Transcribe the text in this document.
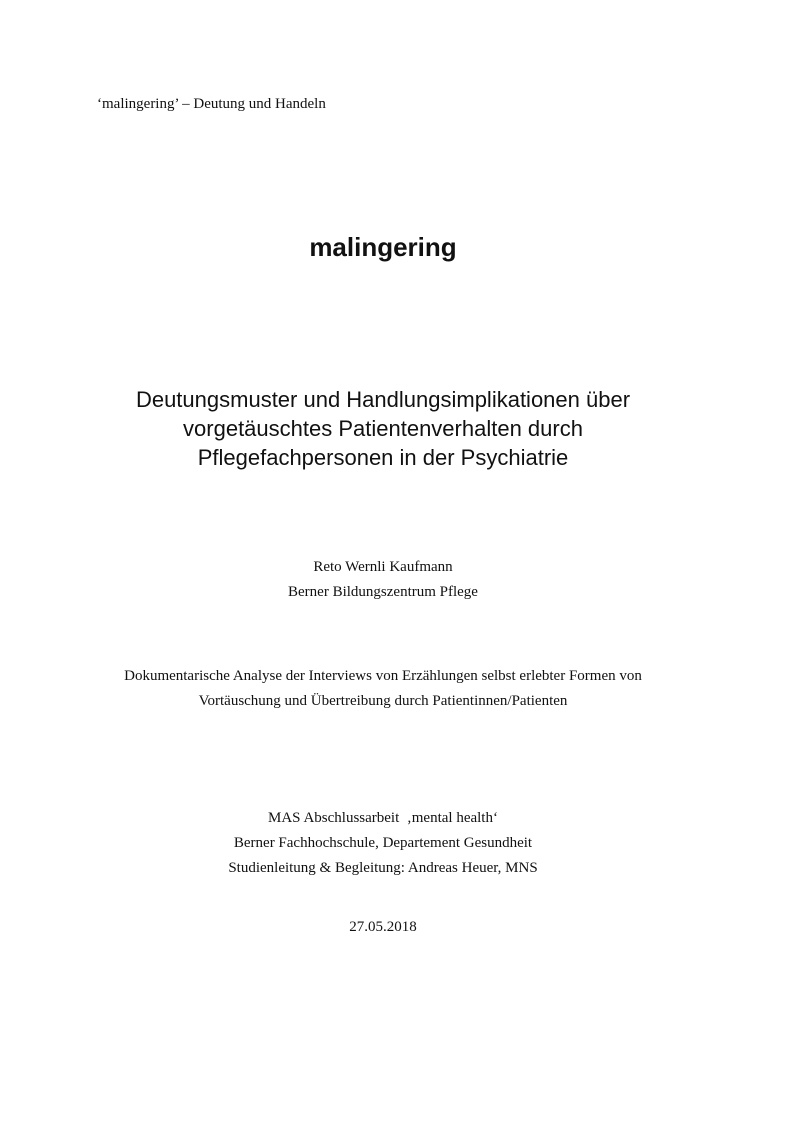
‘malingering’ – Deutung und Handeln
malingering
Deutungsmuster und Handlungsimplikationen über
vorgetäuschtes Patientenverhalten durch
Pflegefachpersonen in der Psychiatrie
Reto Wernli Kaufmann
Berner Bildungszentrum Pflege
Dokumentarische Analyse der Interviews von Erzählungen selbst erlebter Formen von
Vortäuschung und Übertreibung durch Patientinnen/Patienten
MAS Abschlussarbeit  ‚mental health‘
Berner Fachhochschule, Departement Gesundheit
Studienleitung & Begleitung: Andreas Heuer, MNS
27.05.2018
